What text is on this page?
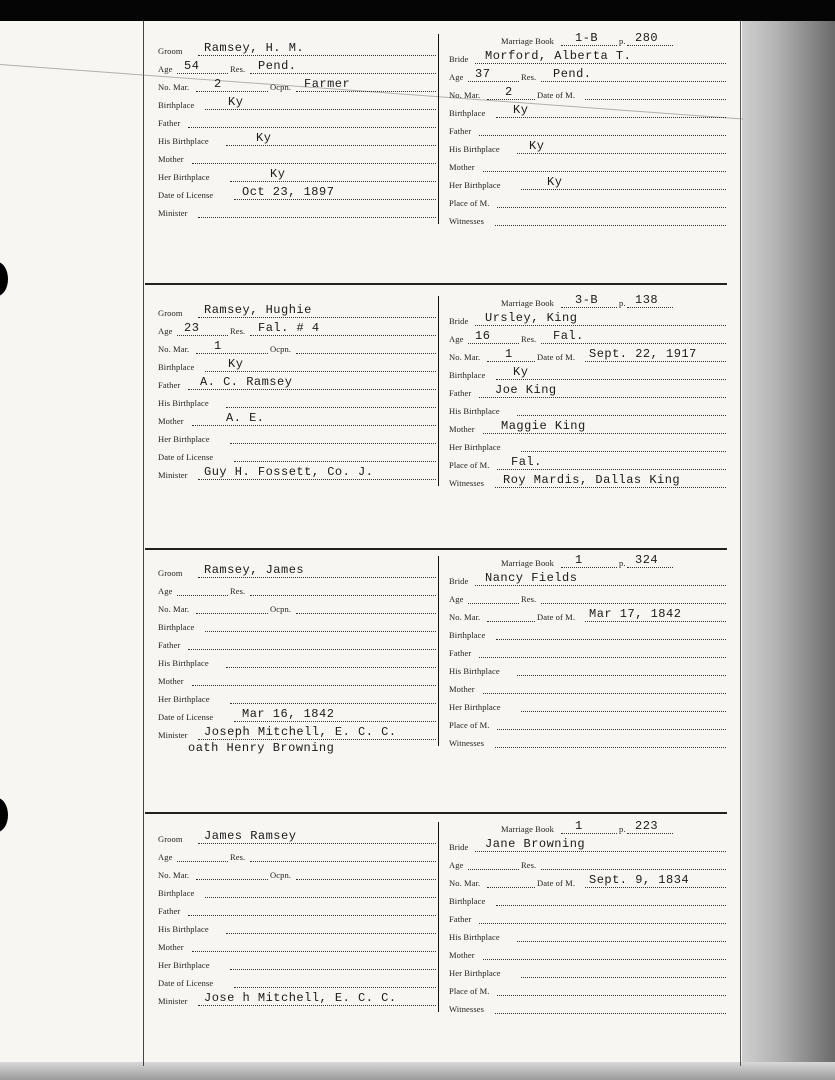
Groom Ramsey, H. M.
Age 54	Res. Pend.
No. Mar. 2	Ocpn. Farmer
Birthplace	Ky
Father
His Birthplace	Ky
Mother
Her Birthplace	Ky
Date of License Oct 23, 1897
Minister
Marriage Book 1-B p. 280
Bride Morford, Alberta T.
Age 37	Res. Pend.
No. Mar. 2	Date of M.
Birthplace Ky
Father
His Birthplace Ky
Mother
Her Birthplace	Ky
Place of M.
Witnesses
Groom Ramsey, Hughie
Age 23	Res. Fal. # 4
No. Mar. 1	Ocpn.
Birthplace	Ky
Father A. C. Ramsey
His Birthplace
Mother	A. E.
Her Birthplace
Date of License
Minister Guy H. Fossett, Co. J.
Marriage Book 3-B p. 138
Bride Ursley, King
Age 16	Res. Fal.
No. Mar. 1	Date of M. Sept. 22, 1917
Birthplace Ky
Father Joe King
His Birthplace
Mother Maggie King
Her Birthplace
Place of M. Fal.
Witnesses Roy Mardis, Dallas King
Groom Ramsey, James
Age	Res.
No. Mar.	Ocpn.
Birthplace
Father
His Birthplace
Mother
Her Birthplace
Date of License Mar 16, 1842
Minister Joseph Mitchell, E. C. C.
oath Henry Browning
Marriage Book 1	p. 324
Bride Nancy Fields
Age	Res.
No. Mar.	Date of M. Mar 17, 1842
Birthplace
Father
His Birthplace
Mother
Her Birthplace
Place of M.
Witnesses
Groom James Ramsey
Age	Res.
No. Mar.	Ocpn.
Birthplace
Father
His Birthplace
Mother
Her Birthplace
Date of License
Minister Jose h Mitchell, E. C. C.
Marriage Book 1	p. 223
Bride Jane Browning
Age	Res.
No. Mar.	Date of M. Sept. 9, 1834
Birthplace
Father
His Birthplace
Mother
Her Birthplace
Place of M.
Witnesses
